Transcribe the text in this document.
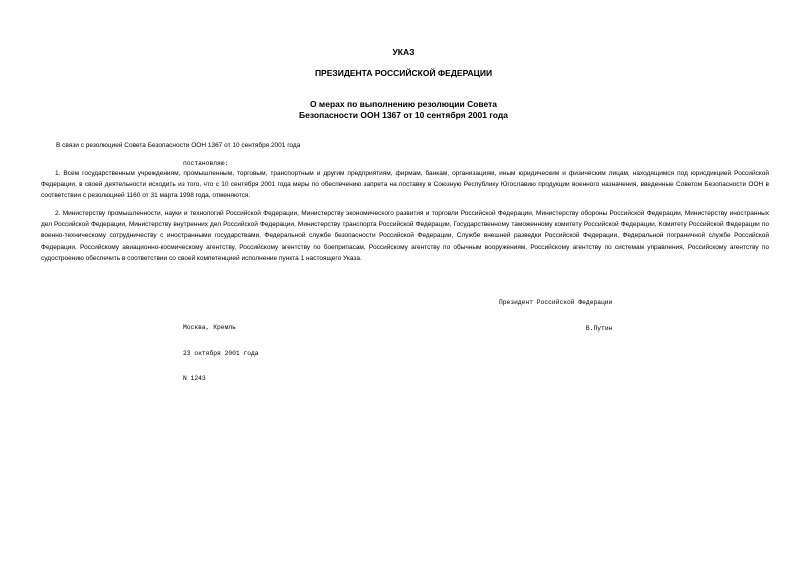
УКАЗ
ПРЕЗИДЕНТА РОССИЙСКОЙ ФЕДЕРАЦИИ
О мерах по выполнению резолюции Совета
Безопасности ООН 1367 от 10 сентября 2001 года
В связи с резолюцией Совета Безопасности ООН 1367 от 10 сентября 2001 года
постановляю:
1. Всем государственным учреждениям, промышленным, торговым, транспортным и другим предприятиям, фирмам, банкам, организациям, иным юридическим и физическим лицам, находящимся под юрисдикцией Российской Федерации, в своей деятельности исходить из того, что с 10 сентября 2001 года меры по обеспечению запрета на поставку в Союзную Республику Югославию продукции военного назначения, введенные Советом Безопасности ООН в соответствии с резолюцией 1160 от 31 марта 1998 года, отменяются.
2. Министерству промышленности, науки и технологий Российской Федерации, Министерству экономического развития и торговли Российской Федерации, Министерству обороны Российской Федерации, Министерству иностранных дел Российской Федерации, Министерству внутренних дел Российской Федерации, Министерству транспорта Российской Федерации, Государственному таможенному комитету Российской Федерации, Комитету Российской Федерации по военно-техническому сотрудничеству с иностранными государствами, Федеральной службе безопасности Российской Федерации, Службе внешней разведки Российской Федерации, Федеральной пограничной службе Российской Федерации, Российскому авиационно-космическому агентству, Российскому агентству по боеприпасам, Российскому агентству по обычным вооружениям, Российскому агентству по системам управления, Российскому агентству по судостроению обеспечить в соответствии со своей компетенцией исполнение пункта 1 настоящего Указа.

Президент Российской Федерации

В.Путин

Москва, Кремль

23 октября 2001 года

N 1243
